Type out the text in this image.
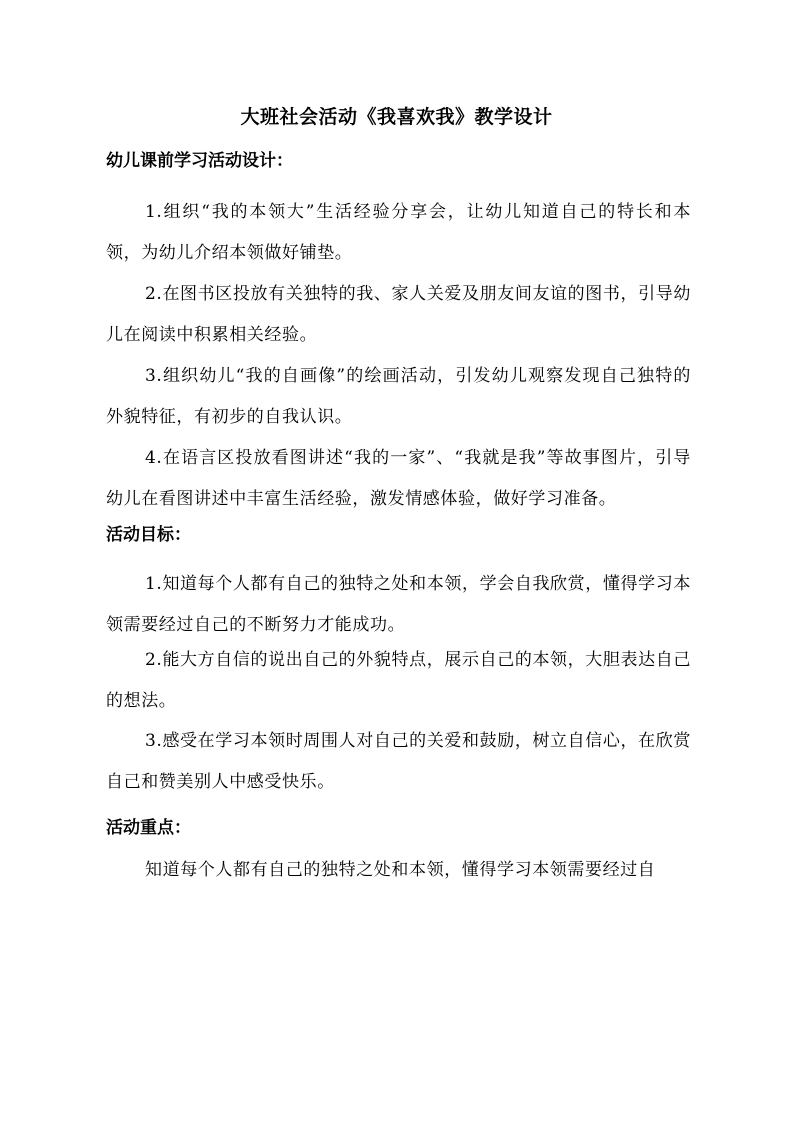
大班社会活动《我喜欢我》教学设计
幼儿课前学习活动设计：
1.组织“我的本领大”生活经验分享会，让幼儿知道自己的特长和本领，为幼儿介绍本领做好铺垫。
2.在图书区投放有关独特的我、家人关爱及朋友间友谊的图书，引导幼儿在阅读中积累相关经验。
3.组织幼儿“我的自画像”的绘画活动，引发幼儿观察发现自己独特的外貌特征，有初步的自我认识。
4.在语言区投放看图讲述“我的一家”、“我就是我”等故事图片，引导幼儿在看图讲述中丰富生活经验，激发情感体验，做好学习准备。
活动目标：
1.知道每个人都有自己的独特之处和本领，学会自我欣赏，懂得学习本领需要经过自己的不断努力才能成功。
2.能大方自信的说出自己的外貌特点，展示自己的本领，大胆表达自己的想法。
3.感受在学习本领时周围人对自己的关爱和鼓励，树立自信心，在欣赏自己和赞美别人中感受快乐。
活动重点：
知道每个人都有自己的独特之处和本领，懂得学习本领需要经过自
